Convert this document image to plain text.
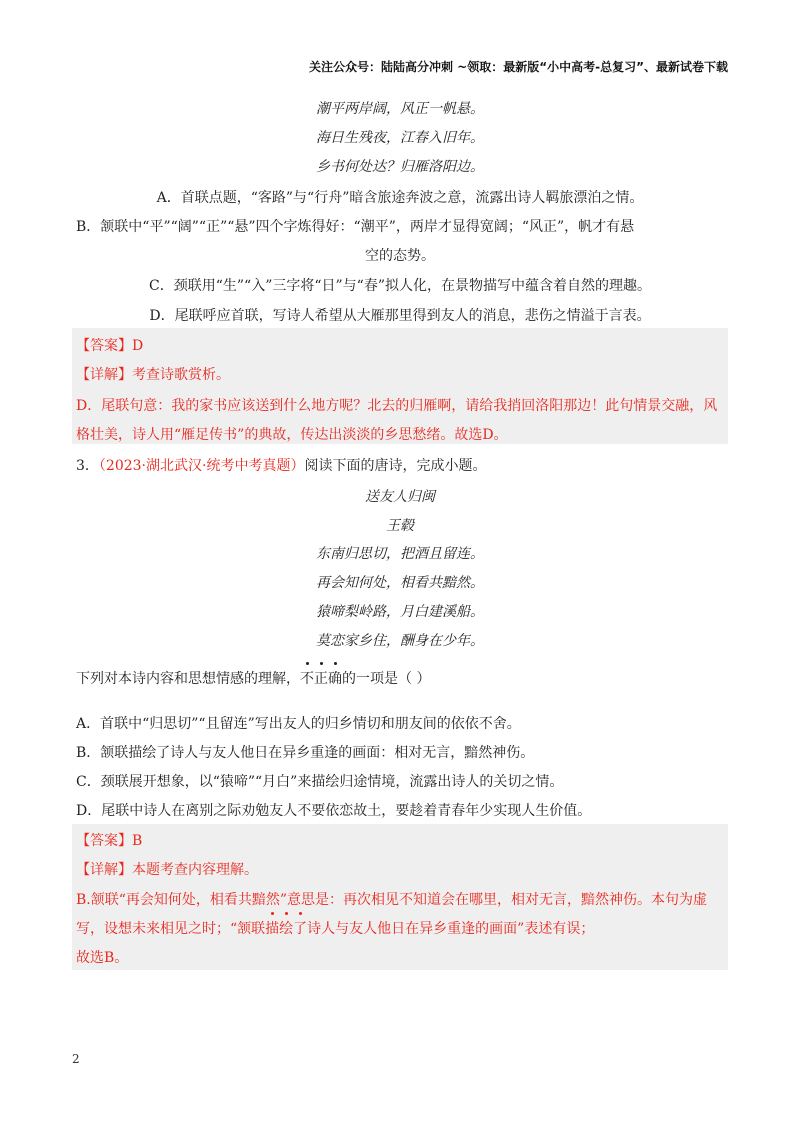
关注公众号：陆陆高分冲刺 ~领取：最新版“小中高考-总复习”、最新试卷下载
潮平两岸阔，风正一帆悬。
海日生残夜，江春入旧年。
乡书何处达？归雁洛阳边。
A．首联点题，“客路”与“行舟”暗含旅途奔波之意，流露出诗人羁旅漂泊之情。
B．颔联中“平”“阔”“正”“悬”四个字炼得好：“潮平”，两岸才显得宽阔；“风正”，帆才有悬
空的态势。
C．颈联用“生”“入”三字将“日”与“春”拟人化，在景物描写中蕴含着自然的理趣。
D．尾联呼应首联，写诗人希望从大雁那里得到友人的消息，悲伤之情溢于言表。
【答案】D
【详解】考查诗歌赏析。
D．尾联句意：我的家书应该送到什么地方呢？北去的归雁啊，请给我捎回洛阳那边！此句情景交融，风
格壮美，诗人用“雁足传书”的典故，传达出淡淡的乡思愁绪。故选D。
3．（2023·湖北武汉·统考中考真题）阅读下面的唐诗，完成小题。
送友人归闽
王毂
东南归思切，把酒且留连。
再会知何处，相看共黯然。
猿啼梨岭路，月白建溪船。
莫恋家乡住，酬身在少年。
下列对本诗内容和思想情感的理解，不正确的一项是（ ）
A．首联中“归思切”“且留连”写出友人的归乡情切和朋友间的依依不舍。
B．颔联描绘了诗人与友人他日在异乡重逢的画面：相对无言，黯然神伤。
C．颈联展开想象，以“猿啼”“月白”来描绘归途情境，流露出诗人的关切之情。
D．尾联中诗人在离别之际劝勉友人不要依恋故土，要趁着青春年少实现人生价值。
【答案】B
【详解】本题考查内容理解。
B.颔联“再会知何处，相看共黯然”意思是：再次相见不知道会在哪里，相对无言，黯然神伤。本句为虚
写，设想未来相见之时；“颔联描绘了诗人与友人他日在异乡重逢的画面”表述有误；
故选B。
2
